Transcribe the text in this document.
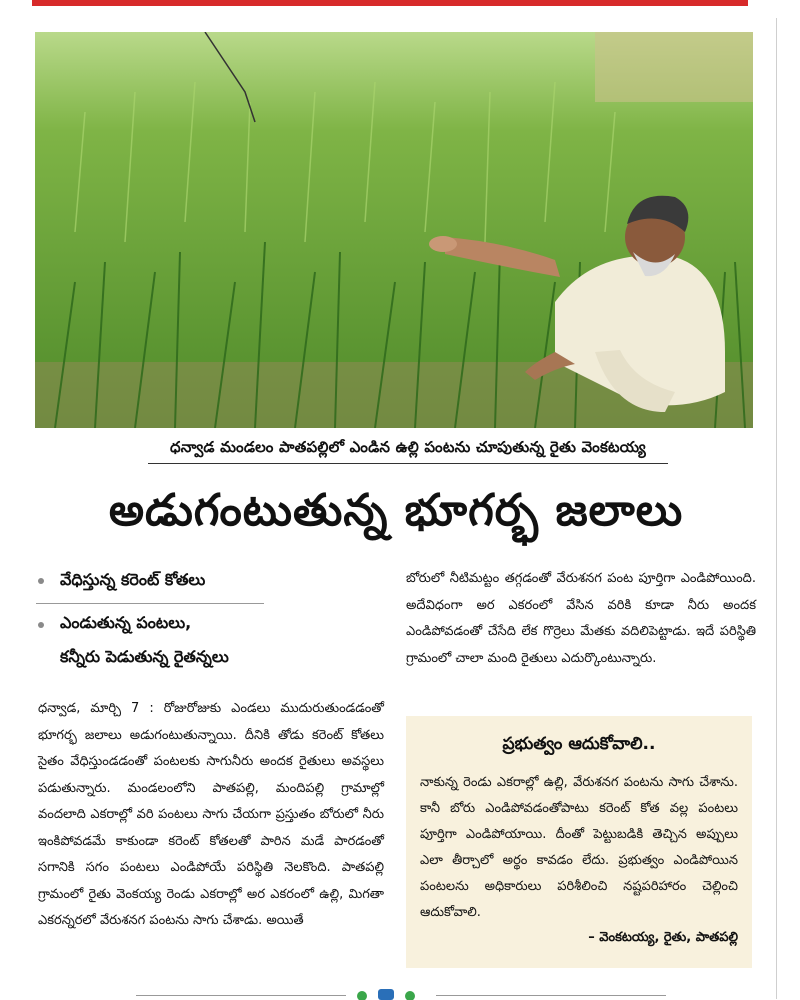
ధన్వాడ మండలం పాతపల్లిలో ఎండిన ఉల్లి పంటను చూపుతున్న రైతు వెంకటయ్య
అడుగంటుతున్న భూగర్భ జలాలు
వేధిస్తున్న కరెంట్ కోతలు
ఎండుతున్న పంటలు,
కన్నీరు పెడుతున్న రైతన్నలు

ధన్వాడ, మార్చి 7 : రోజురోజుకు ఎండలు ముదురుతుండడంతో భూగర్భ జలాలు అడుగంటుతున్నాయి. దీనికి తోడు కరెంట్ కోతలు సైతం వేధిస్తుండడంతో పంటలకు సాగునీరు అందక రైతులు అవస్థలు పడుతున్నారు. మండలంలోని పాతపల్లి, మందిపల్లి గ్రామాల్లో వందలాది ఎకరాల్లో వరి పంటలు సాగు చేయగా ప్రస్తుతం బోరులో నీరు ఇంకిపోవడమే కాకుండా కరెంట్ కోతలతో పారిన మడే పారడంతో సగానికి సగం పంటలు ఎండిపోయే పరిస్థితి నెలకొంది. పాతపల్లి గ్రామంలో రైతు వెంకయ్య రెండు ఎకరాల్లో అర ఎకరంలో ఉల్లి, మిగతా ఎకరన్నరలో వేరుశనగ పంటను సాగు చేశాడు. అయితే

బోరులో నీటిమట్టం తగ్గడంతో వేరుశనగ పంట పూర్తిగా ఎండిపోయింది. అదేవిధంగా అర ఎకరంలో వేసిన వరికి కూడా నీరు అందక ఎండిపోవడంతో చేసేది లేక గొర్రెలు మేతకు వదిలిపెట్టాడు. ఇదే పరిస్థితి గ్రామంలో చాలా మంది రైతులు ఎదుర్కొంటున్నారు.

ప్రభుత్వం ఆదుకోవాలి..
నాకున్న రెండు ఎకరాల్లో ఉల్లి, వేరుశనగ పంటను సాగు చేశాను. కానీ బోరు ఎండిపోవడంతోపాటు కరెంట్ కోత వల్ల పంటలు పూర్తిగా ఎండిపోయాయి. దీంతో పెట్టుబడికి తెచ్చిన అప్పులు ఎలా తీర్చాలో అర్థం కావడం లేదు. ప్రభుత్వం ఎండిపోయిన పంటలను అధికారులు పరిశీలించి నష్టపరిహారం చెల్లించి ఆదుకోవాలి.
– వెంకటయ్య, రైతు, పాతపల్లి
